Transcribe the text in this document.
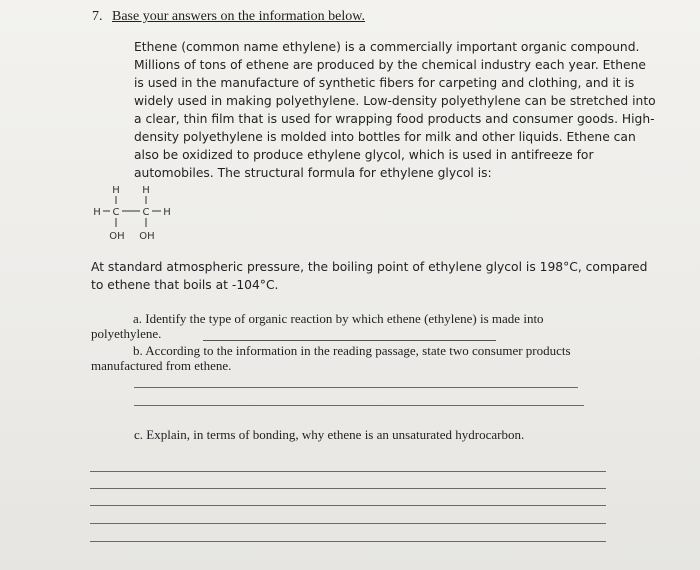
7. Base your answers on the information below.
Ethene (common name ethylene) is a commercially important organic compound.
Millions of tons of ethene are produced by the chemical industry each year. Ethene
is used in the manufacture of synthetic fibers for carpeting and clothing, and it is
widely used in making polyethylene. Low-density polyethylene can be stretched into
a clear, thin film that is used for wrapping food products and consumer goods. High-
density polyethylene is molded into bottles for milk and other liquids. Ethene can
also be oxidized to produce ethylene glycol, which is used in antifreeze for
automobiles. The structural formula for ethylene glycol is:
H H
H C C H
OH OH
At standard atmospheric pressure, the boiling point of ethylene glycol is 198°C, compared
to ethene that boils at -104°C.
a. Identify the type of organic reaction by which ethene (ethylene) is made into
polyethylene.
b. According to the information in the reading passage, state two consumer products
manufactured from ethene.
c. Explain, in terms of bonding, why ethene is an unsaturated hydrocarbon.
